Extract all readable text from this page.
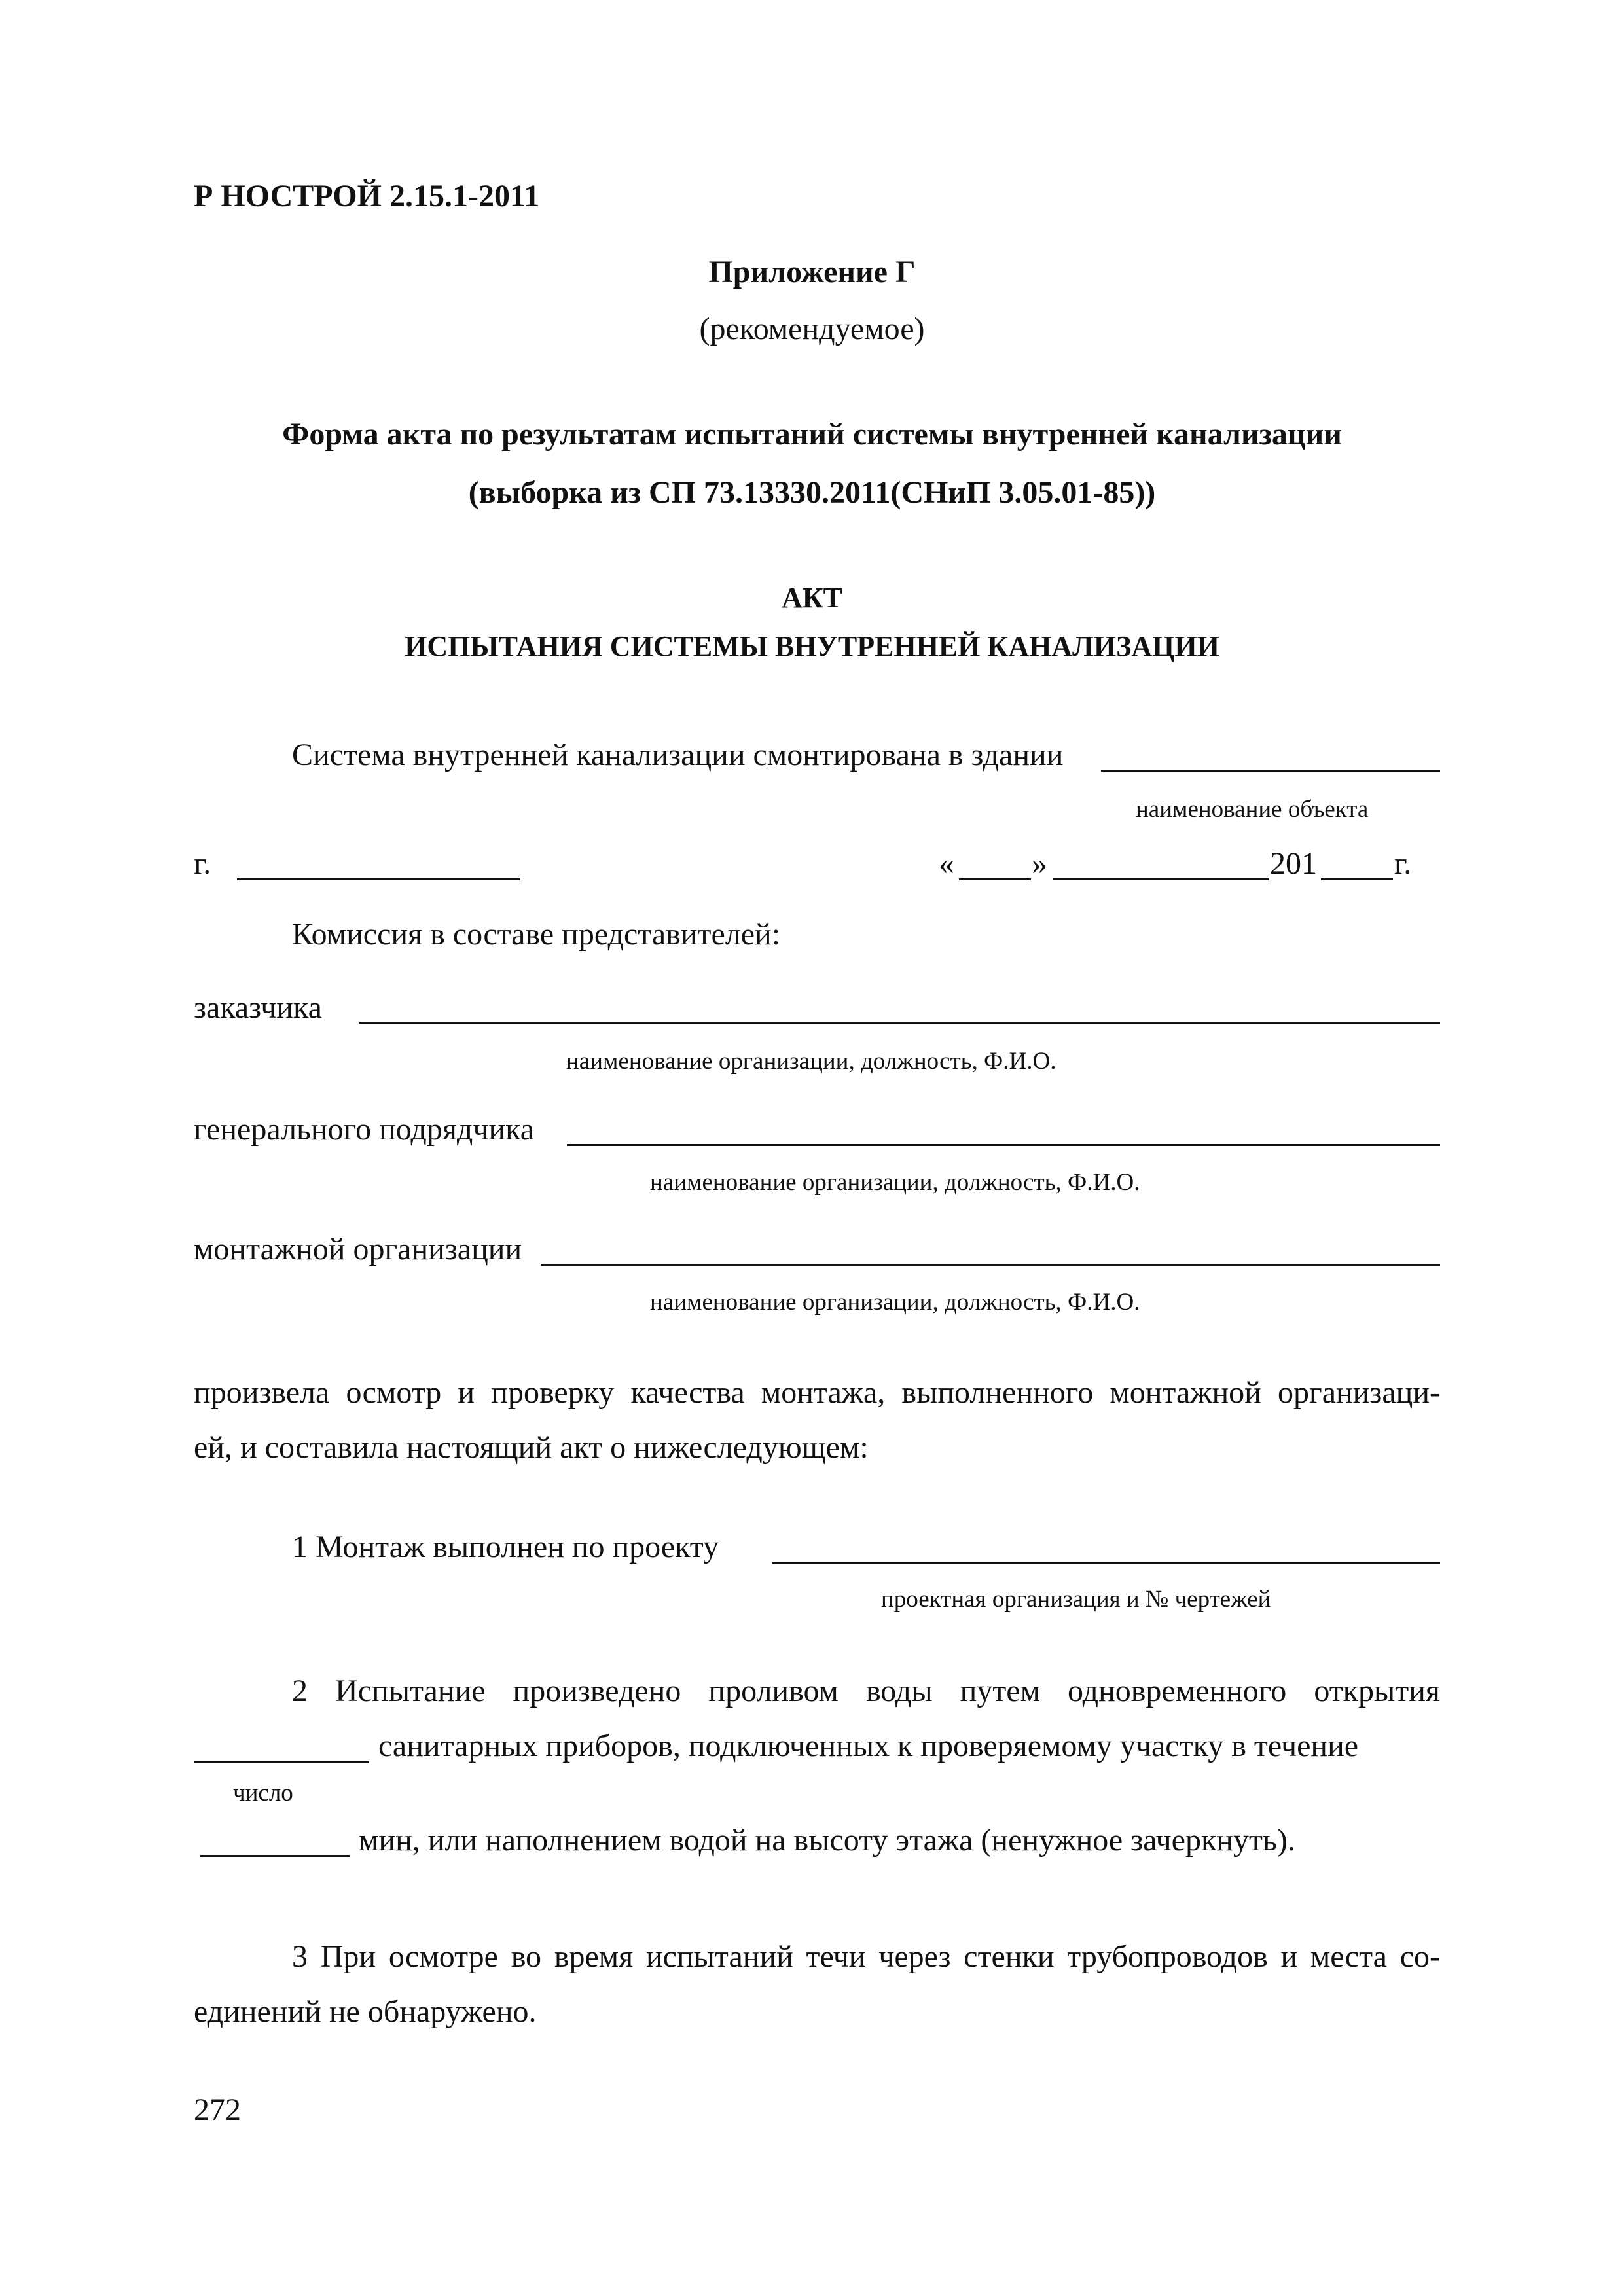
Р НОСТРОЙ 2.15.1-2011
Приложение Г
(рекомендуемое)
Форма акта по результатам испытаний системы внутренней канализации
(выборка из СП 73.13330.2011(СНиП 3.05.01-85))
АКТ
ИСПЫТАНИЯ СИСТЕМЫ ВНУТРЕННЕЙ КАНАЛИЗАЦИИ
Система внутренней канализации смонтирована в здании
наименование объекта
г.	« »	201 г.
Комиссия в составе представителей:
заказчика
наименование организации, должность, Ф.И.О.
генерального подрядчика
наименование организации, должность, Ф.И.О.
монтажной организации
наименование организации, должность, Ф.И.О.
произвела осмотр и проверку качества монтажа, выполненного монтажной организаци-
ей, и составила настоящий акт о нижеследующем:
1 Монтаж выполнен по проекту
проектная организация и № чертежей
2 Испытание произведено проливом воды путем одновременного открытия
санитарных приборов, подключенных к проверяемому участку в течение
число
мин, или наполнением водой на высоту этажа (ненужное зачеркнуть).
3 При осмотре во время испытаний течи через стенки трубопроводов и места со-
единений не обнаружено.
272
